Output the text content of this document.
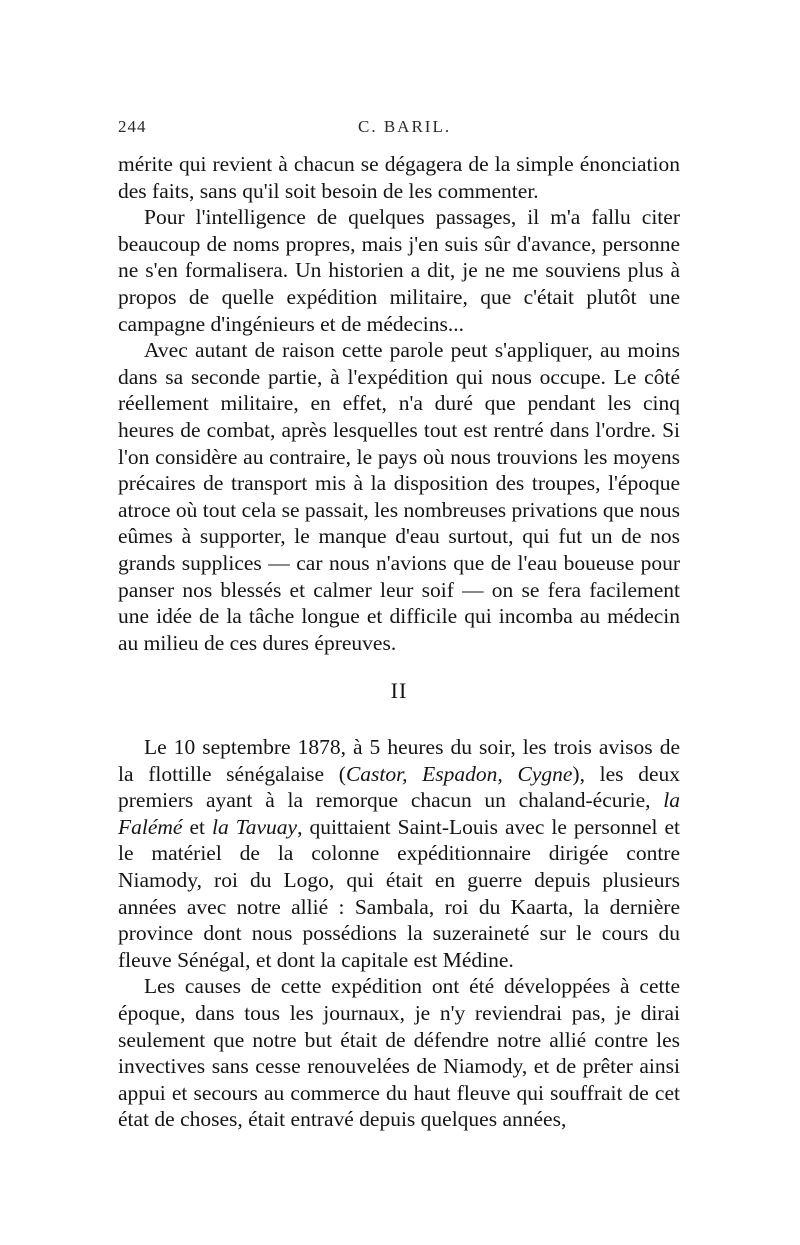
244	C. BARIL.

mérite qui revient à chacun se dégagera de la simple énonciation des faits, sans qu'il soit besoin de les commenter.

Pour l'intelligence de quelques passages, il m'a fallu citer beaucoup de noms propres, mais j'en suis sûr d'avance, personne ne s'en formalisera. Un historien a dit, je ne me souviens plus à propos de quelle expédition militaire, que c'était plutôt une campagne d'ingénieurs et de médecins...

Avec autant de raison cette parole peut s'appliquer, au moins dans sa seconde partie, à l'expédition qui nous occupe. Le côté réellement militaire, en effet, n'a duré que pendant les cinq heures de combat, après lesquelles tout est rentré dans l'ordre. Si l'on considère au contraire, le pays où nous trouvions les moyens précaires de transport mis à la disposition des troupes, l'époque atroce où tout cela se passait, les nombreuses privations que nous eûmes à supporter, le manque d'eau surtout, qui fut un de nos grands supplices — car nous n'avions que de l'eau boueuse pour panser nos blessés et calmer leur soif — on se fera facilement une idée de la tâche longue et difficile qui incomba au médecin au milieu de ces dures épreuves.

II

Le 10 septembre 1878, à 5 heures du soir, les trois avisos de la flottille sénégalaise (Castor, Espadon, Cygne), les deux premiers ayant à la remorque chacun un chaland-écurie, la Falémé et la Tavuay, quittaient Saint-Louis avec le personnel et le matériel de la colonne expéditionnaire dirigée contre Niamody, roi du Logo, qui était en guerre depuis plusieurs années avec notre allié : Sambala, roi du Kaarta, la dernière province dont nous possédions la suzeraineté sur le cours du fleuve Sénégal, et dont la capitale est Médine.

Les causes de cette expédition ont été développées à cette époque, dans tous les journaux, je n'y reviendrai pas, je dirai seulement que notre but était de défendre notre allié contre les invectives sans cesse renouvelées de Niamody, et de prêter ainsi appui et secours au commerce du haut fleuve qui souffrait de cet état de choses, était entravé depuis quelques années,
